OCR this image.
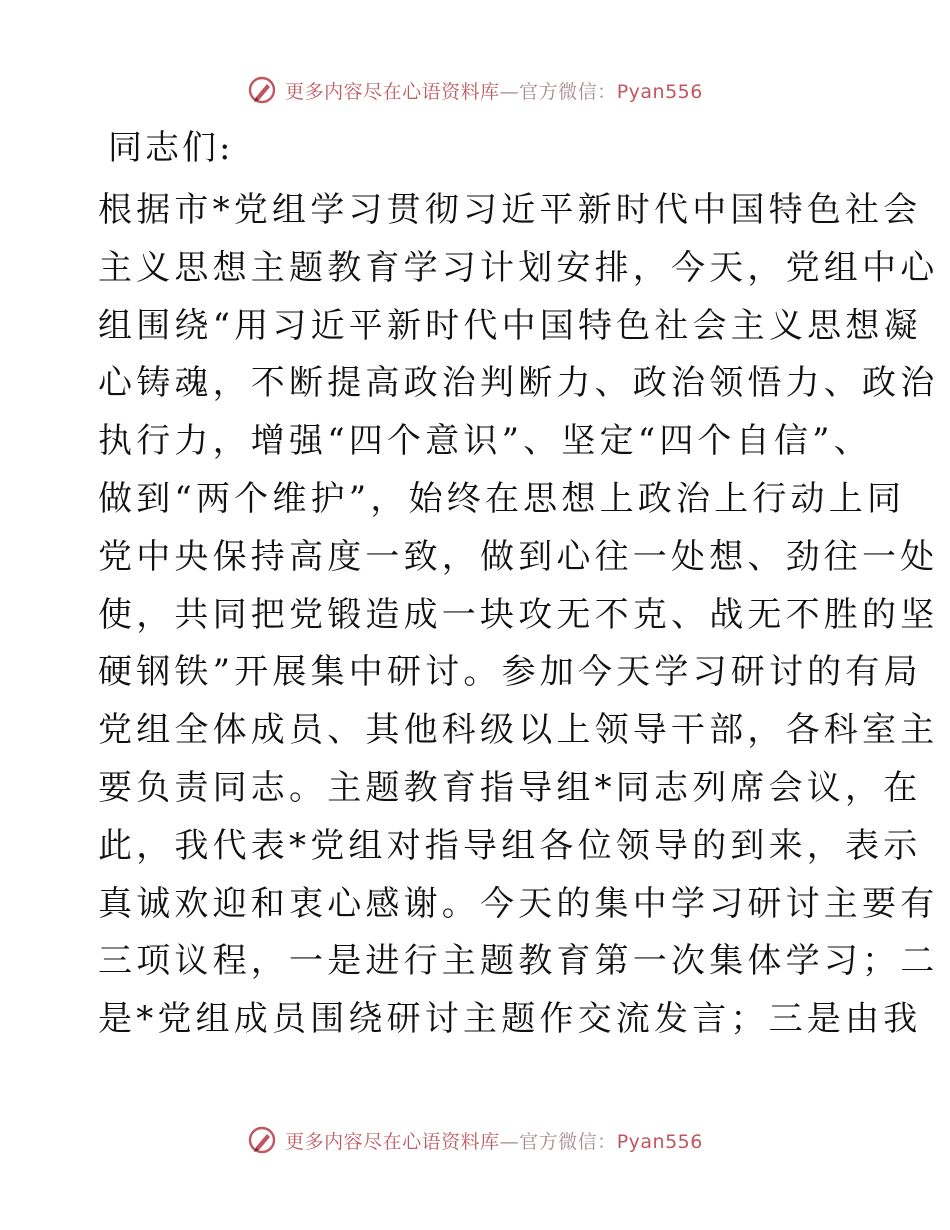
更多内容尽在心语资料库—官方微信：Pyan556

同志们:

根据市*党组学习贯彻习近平新时代中国特色社会
主义思想主题教育学习计划安排，今天，党组中心
组围绕“用习近平新时代中国特色社会主义思想凝
心铸魂，不断提高政治判断力、政治领悟力、政治
执行力，增强“四个意识”、坚定“四个自信”、
做到“两个维护”，始终在思想上政治上行动上同
党中央保持高度一致，做到心往一处想、劲往一处
使，共同把党锻造成一块攻无不克、战无不胜的坚
硬钢铁”开展集中研讨。参加今天学习研讨的有局
党组全体成员、其他科级以上领导干部，各科室主
要负责同志。主题教育指导组*同志列席会议，在
此，我代表*党组对指导组各位领导的到来，表示
真诚欢迎和衷心感谢。今天的集中学习研讨主要有
三项议程，一是进行主题教育第一次集体学习；二
是*党组成员围绕研讨主题作交流发言；三是由我

更多内容尽在心语资料库—官方微信：Pyan556
